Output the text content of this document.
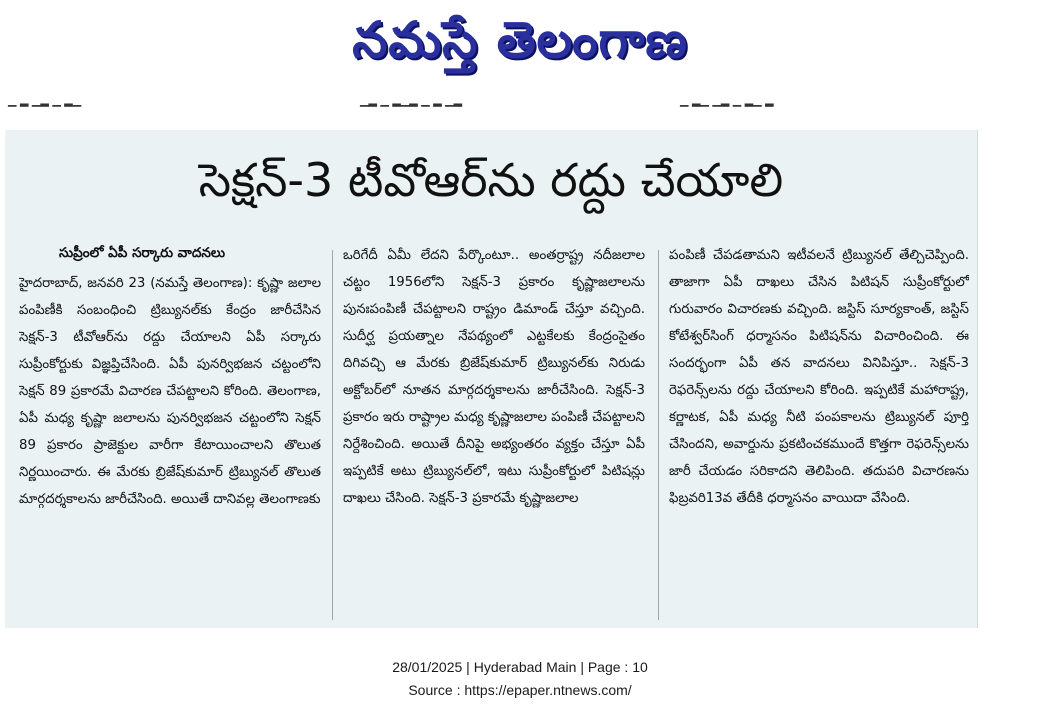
నమస్తే తెలంగాణ
▁ ▂ ▁▂ ▁ ▂▁	▁▂ ▁ ▂▁▂ ▁ ▂ ▁▂	▁ ▂▁ ▁▂ ▁ ▂▁ ▂
సెక్షన్-3 టీవోఆర్‌ను రద్దు చేయాలి
సుప్రీంలో ఏపీ సర్కారు వాదనలు
హైదరాబాద్, జనవరి 23 (నమస్తే తెలంగాణ): కృష్ణా జలాల పంపిణీకి సంబంధించి ట్రిబ్యునల్‌కు కేంద్రం జారీచేసిన సెక్షన్-3 టీవోఆర్‌ను రద్దు చేయాలని ఏపీ సర్కారు సుప్రీంకోర్టుకు విజ్ఞప్తిచేసింది. ఏపీ పునర్విభజన చట్టంలోని సెక్షన్ 89 ప్రకారమే విచారణ చేపట్టాలని కోరింది. తెలంగాణ, ఏపీ మధ్య కృష్ణా జలాలను పునర్విభజన చట్టంలోని సెక్షన్ 89 ప్రకారం ప్రాజెక్టుల వారీగా కేటాయించాలని తొలుత నిర్ణయించారు. ఈ మేరకు బ్రిజేష్‌కుమార్ ట్రిబ్యునల్ తొలుత మార్గదర్శకాలను జారీచేసింది. అయితే దానివల్ల తెలంగాణకు
ఒరిగేదీ ఏమీ లేదని పేర్కొంటూ.. అంతర్రాష్ట్ర నదీజలాల చట్టం 1956లోని సెక్షన్-3 ప్రకారం కృష్ణాజలాలను పునఃపంపిణీ చేపట్టాలని రాష్ట్రం డిమాండ్ చేస్తూ వచ్చింది. సుదీర్ఘ ప్రయత్నాల నేపథ్యంలో ఎట్టకేలకు కేంద్రంసైతం దిగివచ్చి ఆ మేరకు బ్రిజేష్‌కుమార్ ట్రిబ్యునల్‌కు నిరుడు అక్టోబర్‌లో నూతన మార్గదర్శకాలను జారీచేసింది. సెక్షన్-3 ప్రకారం ఇరు రాష్ట్రాల మధ్య కృష్ణాజలాల పంపిణీ చేపట్టాలని నిర్దేశించింది. అయితే దీనిపై అభ్యంతరం వ్యక్తం చేస్తూ ఏపీ ఇప్పటికే అటు ట్రిబ్యునల్‌లో, ఇటు సుప్రీంకోర్టులో పిటిషన్లు దాఖలు చేసింది. సెక్షన్-3 ప్రకారమే కృష్ణాజలాల
పంపిణీ చేపడతామని ఇటీవలనే ట్రిబ్యునల్ తేల్చిచెప్పింది. తాజాగా ఏపీ దాఖలు చేసిన పిటిషన్ సుప్రీంకోర్టులో గురువారం విచారణకు వచ్చింది. జస్టిస్ సూర్యకాంత్, జస్టిస్ కోటేశ్వర్‌సింగ్ ధర్మాసనం పిటిషన్‌ను విచారించింది. ఈ సందర్భంగా ఏపీ తన వాదనలు వినిపిస్తూ.. సెక్షన్-3 రెఫరెన్స్‌లను రద్దు చేయాలని కోరింది. ఇప్పటికే మహారాష్ట్ర, కర్ణాటక, ఏపీ మధ్య నీటి పంపకాలను ట్రిబ్యునల్ పూర్తి చేసిందని, అవార్డును ప్రకటించకముందే కొత్తగా రెఫరెన్స్‌లను జారీ చేయడం సరికాదని తెలిపింది. తదుపరి విచారణను ఫిబ్రవరి13వ తేదీకి ధర్మాసనం వాయిదా వేసింది.
28/01/2025 | Hyderabad Main | Page : 10
Source : https://epaper.ntnews.com/
